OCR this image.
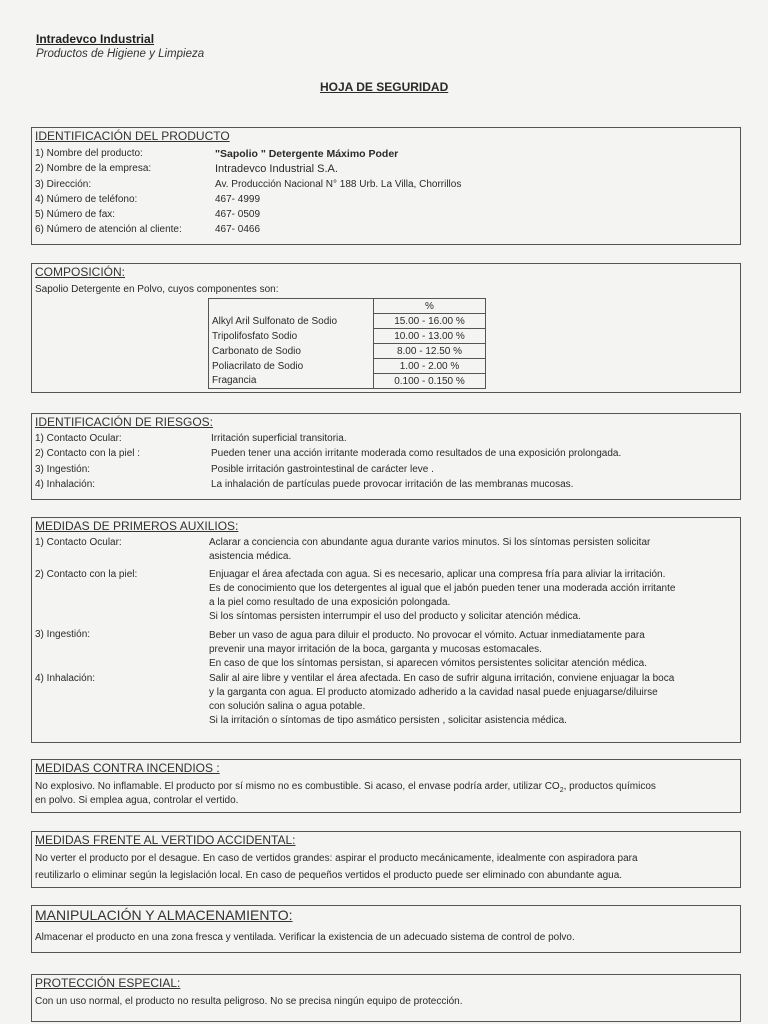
Intradevco Industrial
Productos de Higiene y Limpieza
HOJA DE SEGURIDAD
IDENTIFICACIÓN DEL PRODUCTO
1) Nombre del producto:	"Sapolio " Detergente Máximo Poder
2) Nombre de la empresa:	Intradevco Industrial S.A.
3) Dirección:	Av. Producción Nacional N° 188 Urb. La Villa, Chorrillos
4) Número de teléfono:	467- 4999
5) Número de fax:	467- 0509
6) Número de atención al cliente:	467- 0466
COMPOSICIÓN:
Sapolio Detergente en Polvo, cuyos componentes son:
	%
Alkyl Aril Sulfonato de Sodio	15.00 - 16.00 %
Tripolifosfato Sodio	10.00 - 13.00 %
Carbonato de Sodio	8.00 - 12.50 %
Poliacrilato de Sodio	1.00 - 2.00 %
Fragancia	0.100 - 0.150 %
IDENTIFICACIÓN DE RIESGOS:
1) Contacto Ocular:	Irritación superficial transitoria.
2) Contacto con la piel :	Pueden tener una acción irritante moderada como resultados de una exposición prolongada.
3) Ingestión:	Posible irritación gastrointestinal de carácter leve .
4) Inhalación:	La inhalación de partículas puede provocar irritación de las membranas mucosas.
MEDIDAS DE PRIMEROS AUXILIOS:
1) Contacto Ocular:	Aclarar a conciencia con abundante agua durante varios minutos. Si los síntomas persisten solicitar
asistencia médica.
2) Contacto con la piel:	Enjuagar el área afectada con agua. Si es necesario, aplicar una compresa fría para aliviar la irritación.
Es de conocimiento que los detergentes al igual que el jabón pueden tener una moderada acción irritante
a la piel como resultado de una exposición polongada.
Si los síntomas persisten interrumpir el uso del producto y solicitar atención médica.
3) Ingestión:	Beber un vaso de agua para diluir el producto. No provocar el vómito. Actuar inmediatamente para
prevenir una mayor irritación de la boca, garganta y mucosas estomacales.
En caso de que los síntomas persistan, si aparecen vómitos persistentes solicitar atención médica.
4) Inhalación:	Salir al aire libre y ventilar el área afectada. En caso de sufrir alguna irritación, conviene enjuagar la boca
y la garganta con agua. El producto atomizado adherido a la cavidad nasal puede enjuagarse/diluirse
con solución salina o agua potable.
Si la irritación o síntomas de tipo asmático persisten , solicitar asistencia médica.
MEDIDAS CONTRA INCENDIOS :
No explosivo. No inflamable. El producto por sí mismo no es combustible. Si acaso, el envase podría arder, utilizar $CO_2$, productos químicos
en polvo. Si emplea agua, controlar el vertido.
MEDIDAS FRENTE AL VERTIDO ACCIDENTAL:
No verter el producto por el desague. En caso de vertidos grandes: aspirar el producto mecánicamente, idealmente con aspiradora para
reutilizarlo o eliminar según la legislación local. En caso de pequeños vertidos el producto puede ser eliminado con abundante agua.
MANIPULACIÓN Y ALMACENAMIENTO:
Almacenar el producto en una zona fresca y ventilada. Verificar la existencia de un adecuado sistema de control de polvo.
PROTECCIÓN ESPECIAL:
Con un uso normal, el producto no resulta peligroso. No se precisa ningún equipo de protección.
